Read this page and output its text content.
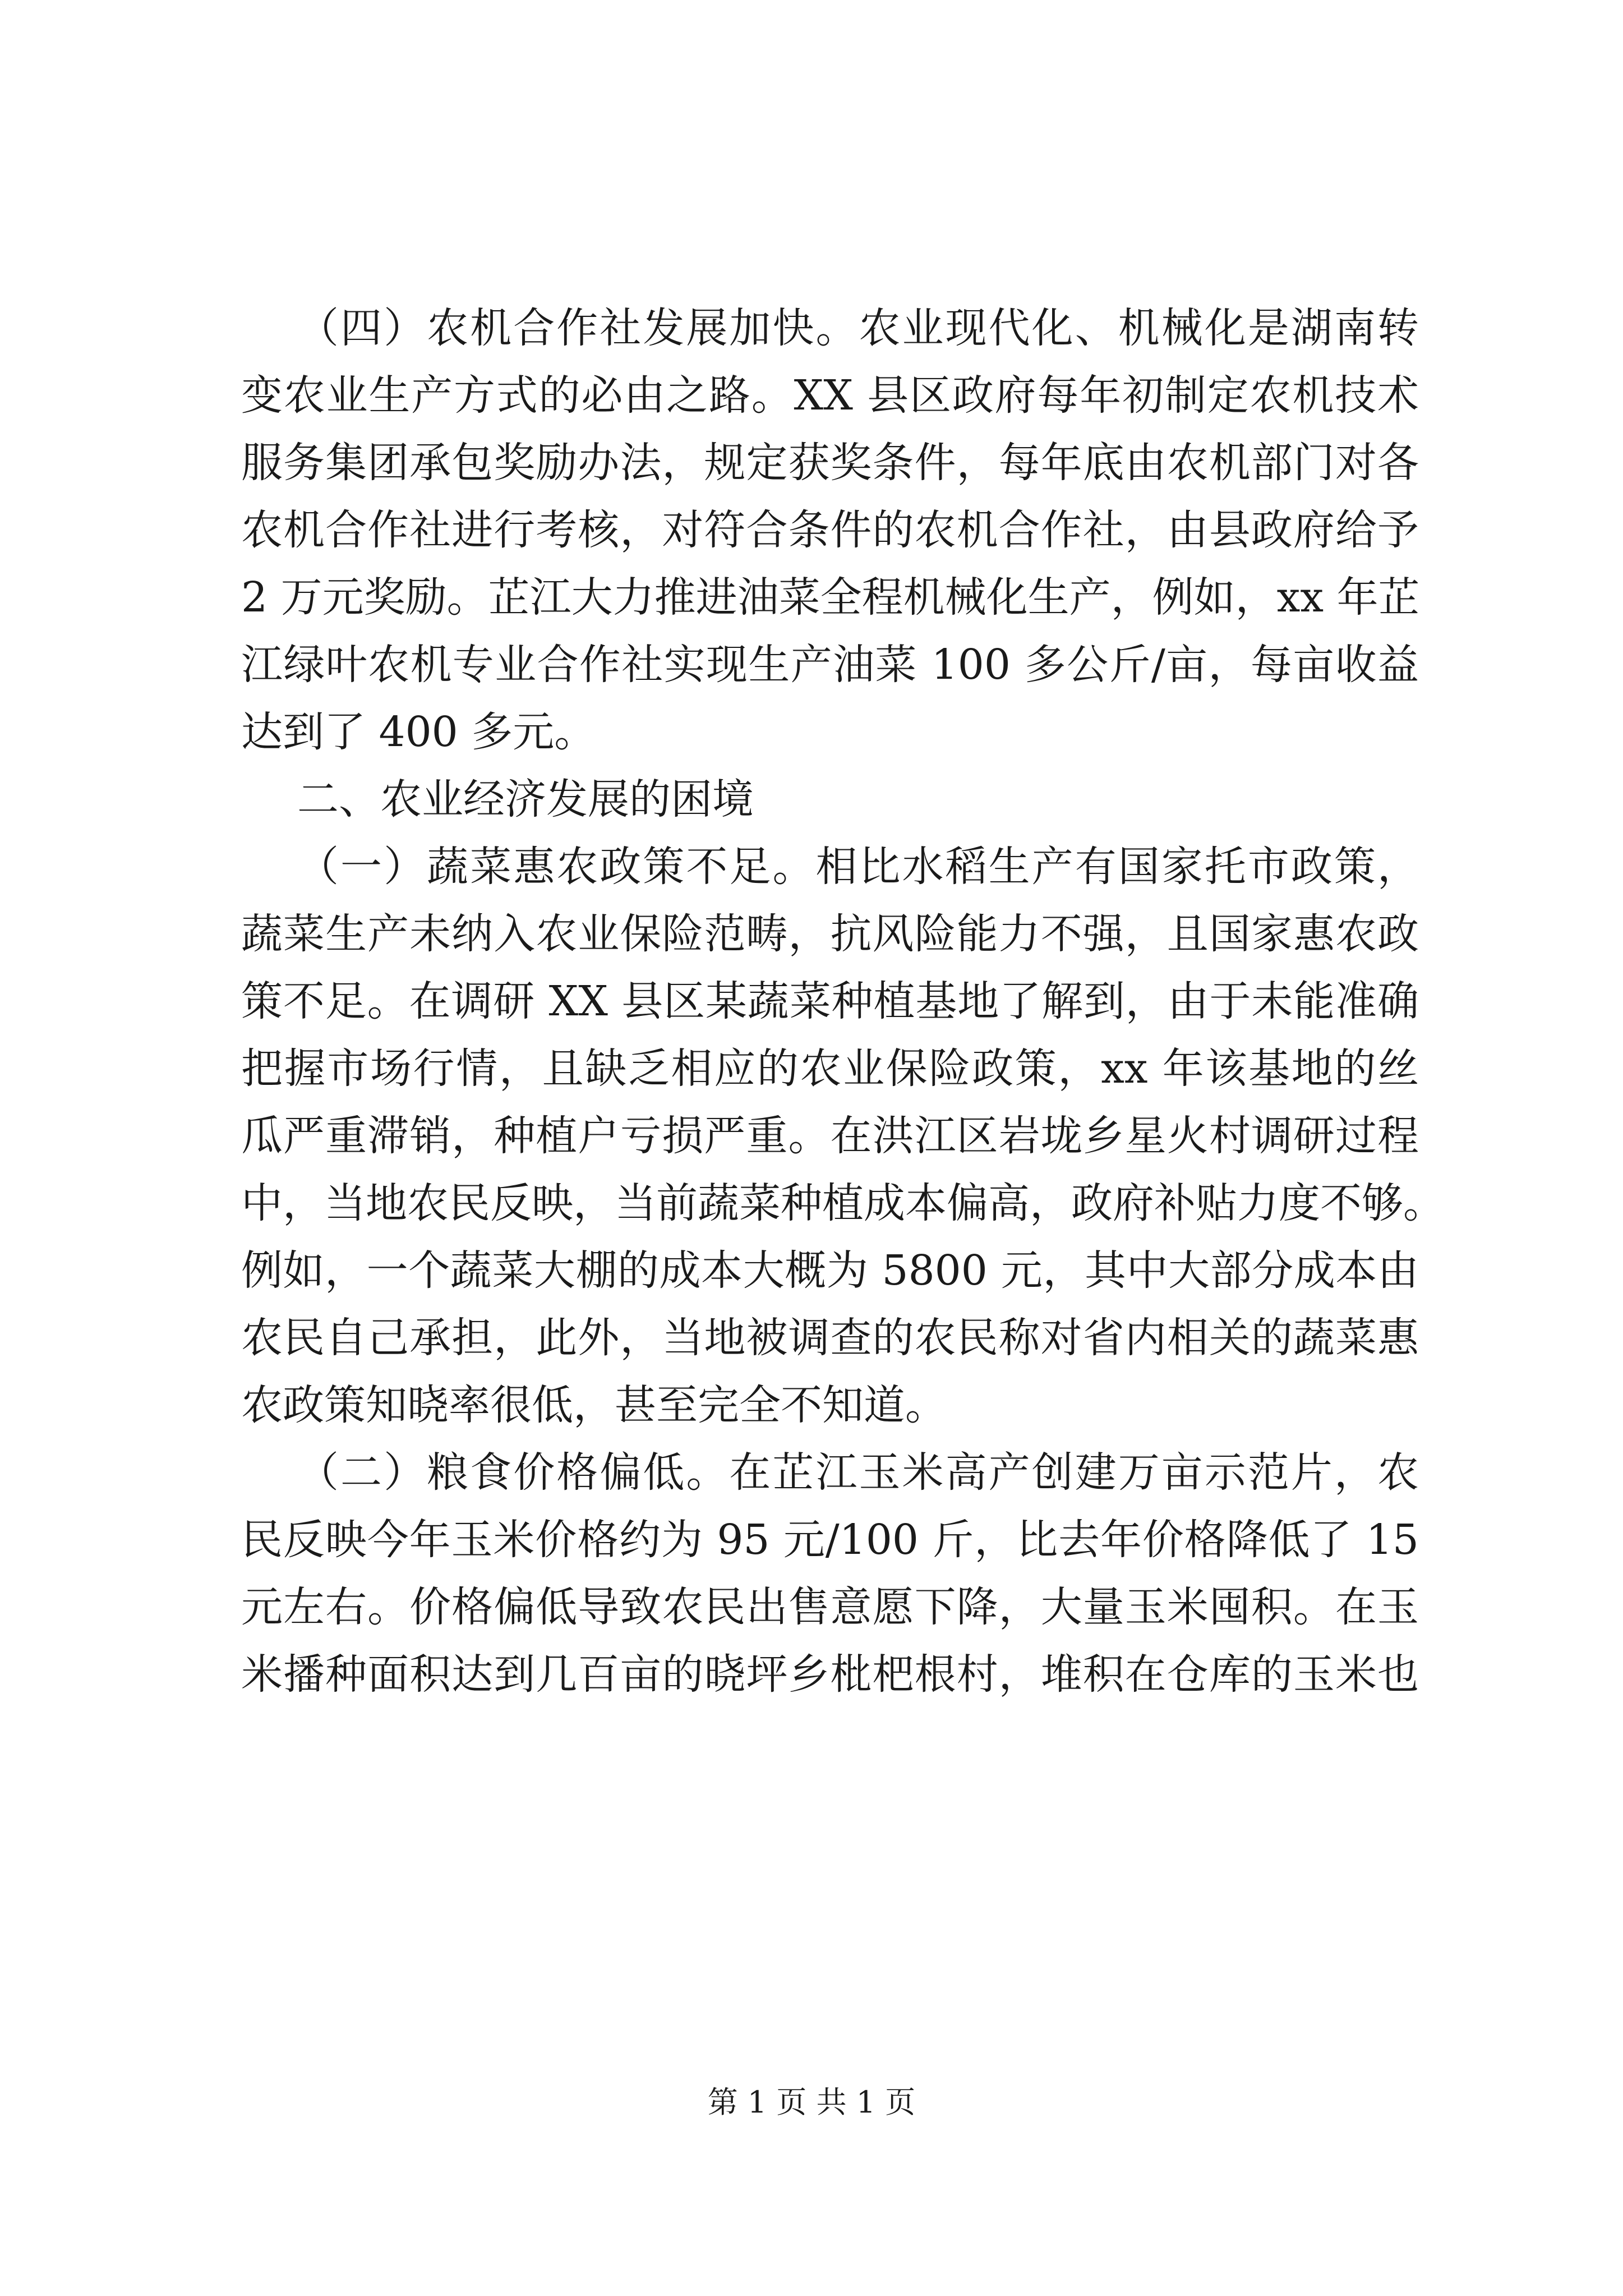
（四）农机合作社发展加快。农业现代化、机械化是湖南转
变农业生产方式的必由之路。XX 县区政府每年初制定农机技术
服务集团承包奖励办法，规定获奖条件，每年底由农机部门对各
农机合作社进行考核，对符合条件的农机合作社，由县政府给予
2 万元奖励。芷江大力推进油菜全程机械化生产，例如，xx 年芷
江绿叶农机专业合作社实现生产油菜 100 多公斤/亩，每亩收益
达到了 400 多元。
二、农业经济发展的困境
（一）蔬菜惠农政策不足。相比水稻生产有国家托市政策，
蔬菜生产未纳入农业保险范畴，抗风险能力不强，且国家惠农政
策不足。在调研 XX 县区某蔬菜种植基地了解到，由于未能准确
把握市场行情，且缺乏相应的农业保险政策，xx 年该基地的丝
瓜严重滞销，种植户亏损严重。在洪江区岩垅乡星火村调研过程
中，当地农民反映，当前蔬菜种植成本偏高，政府补贴力度不够。
例如，一个蔬菜大棚的成本大概为 5800 元，其中大部分成本由
农民自己承担，此外，当地被调查的农民称对省内相关的蔬菜惠
农政策知晓率很低，甚至完全不知道。
（二）粮食价格偏低。在芷江玉米高产创建万亩示范片，农
民反映今年玉米价格约为 95 元/100 斤，比去年价格降低了 15
元左右。价格偏低导致农民出售意愿下降，大量玉米囤积。在玉
米播种面积达到几百亩的晓坪乡枇杷根村，堆积在仓库的玉米也
第 1 页 共 1 页
